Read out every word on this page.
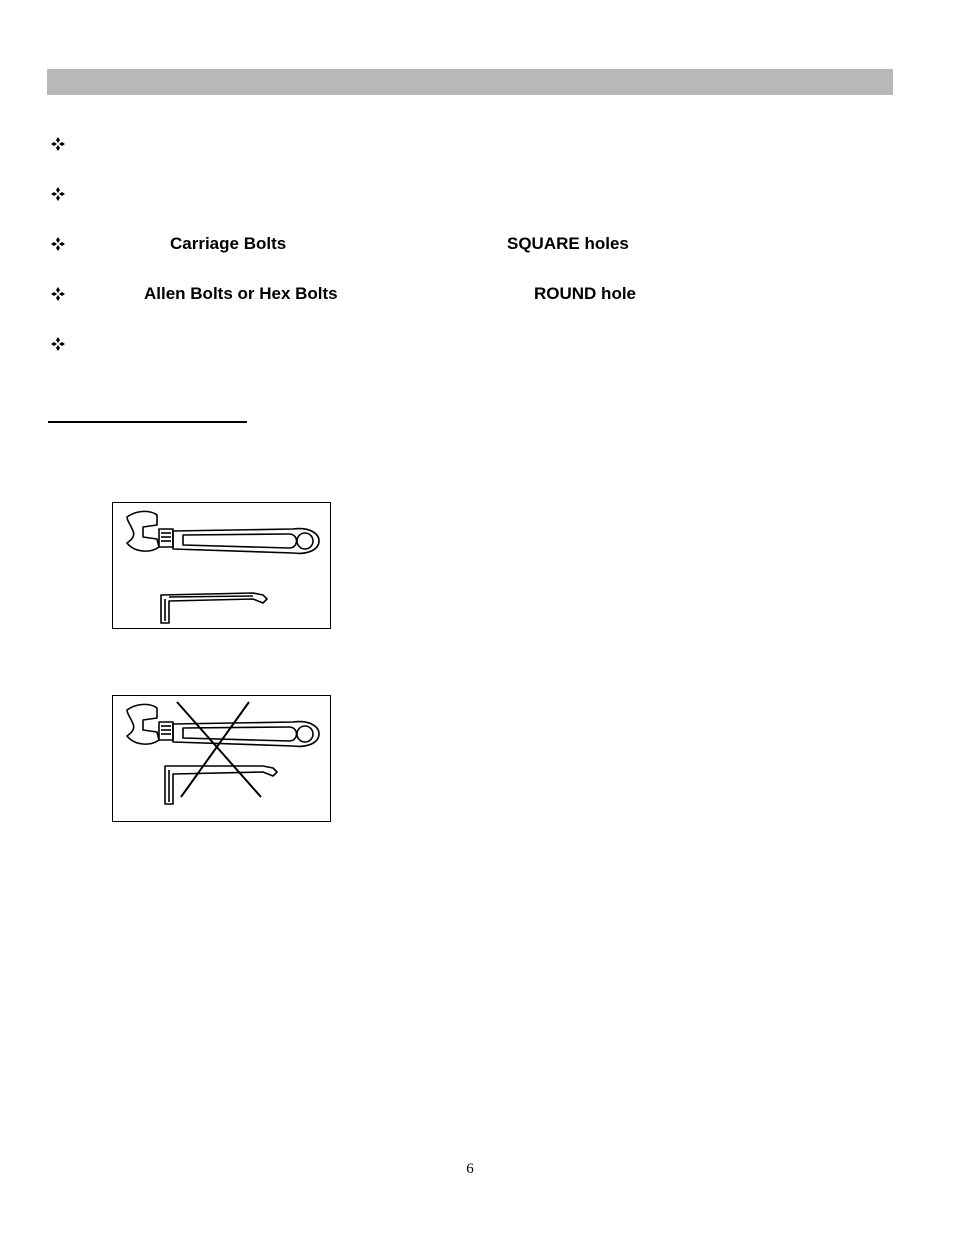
Carriage Bolts	SQUARE holes
Allen Bolts or Hex Bolts	ROUND hole
6
